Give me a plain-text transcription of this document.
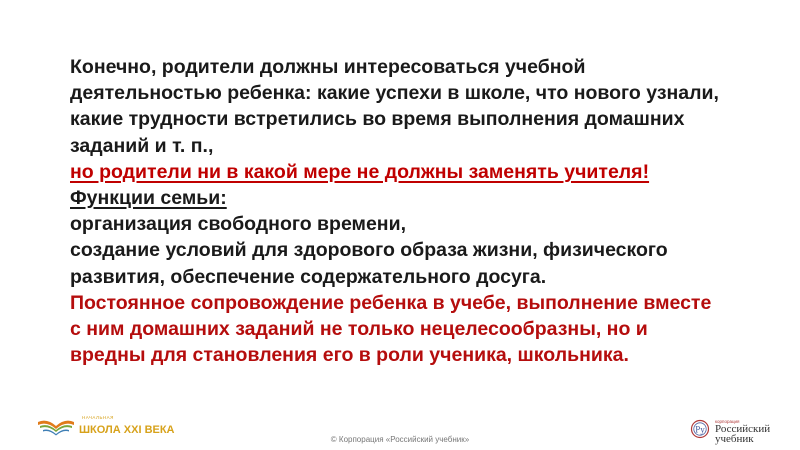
Конечно, родители должны интересоваться учебной
деятельностью ребенка: какие успехи в школе, что нового узнали,
какие трудности встретились во время выполнения домашних
заданий и т. п.,
но родители ни в какой мере не должны заменять учителя!
Функции семьи:
организация свободного времени,
создание условий для здорового образа жизни, физического
развития, обеспечение содержательного досуга.
Постоянное сопровождение ребенка в учебе, выполнение вместе
с ним домашних заданий не только нецелесообразны, но и
вредны для становления его в роли ученика, школьника.
ШКОЛА XXI ВЕКА
НАЧАЛЬНАЯ
© Корпорация «Российский учебник»
Ру
корпорация
Российский
учебник
